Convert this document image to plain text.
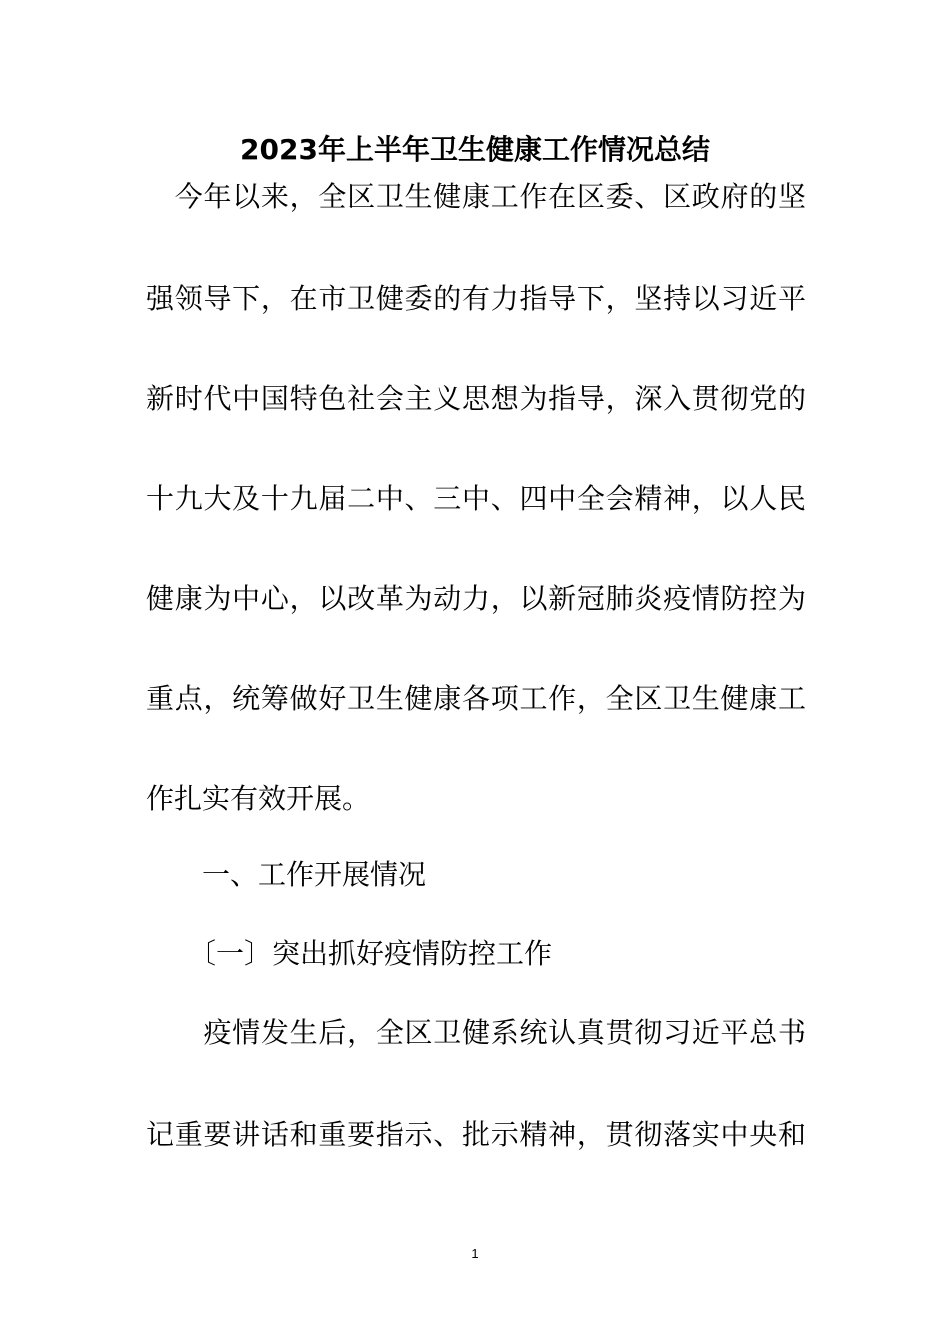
2023年上半年卫生健康工作情况总结
　今年以来，全区卫生健康工作在区委、区政府的坚
强领导下，在市卫健委的有力指导下，坚持以习近平
新时代中国特色社会主义思想为指导，深入贯彻党的
十九大及十九届二中、三中、四中全会精神，以人民
健康为中心，以改革为动力，以新冠肺炎疫情防控为
重点，统筹做好卫生健康各项工作，全区卫生健康工
作扎实有效开展。
　　一、工作开展情况
　　〔一〕突出抓好疫情防控工作
　　疫情发生后，全区卫健系统认真贯彻习近平总书
记重要讲话和重要指示、批示精神，贯彻落实中央和
1
